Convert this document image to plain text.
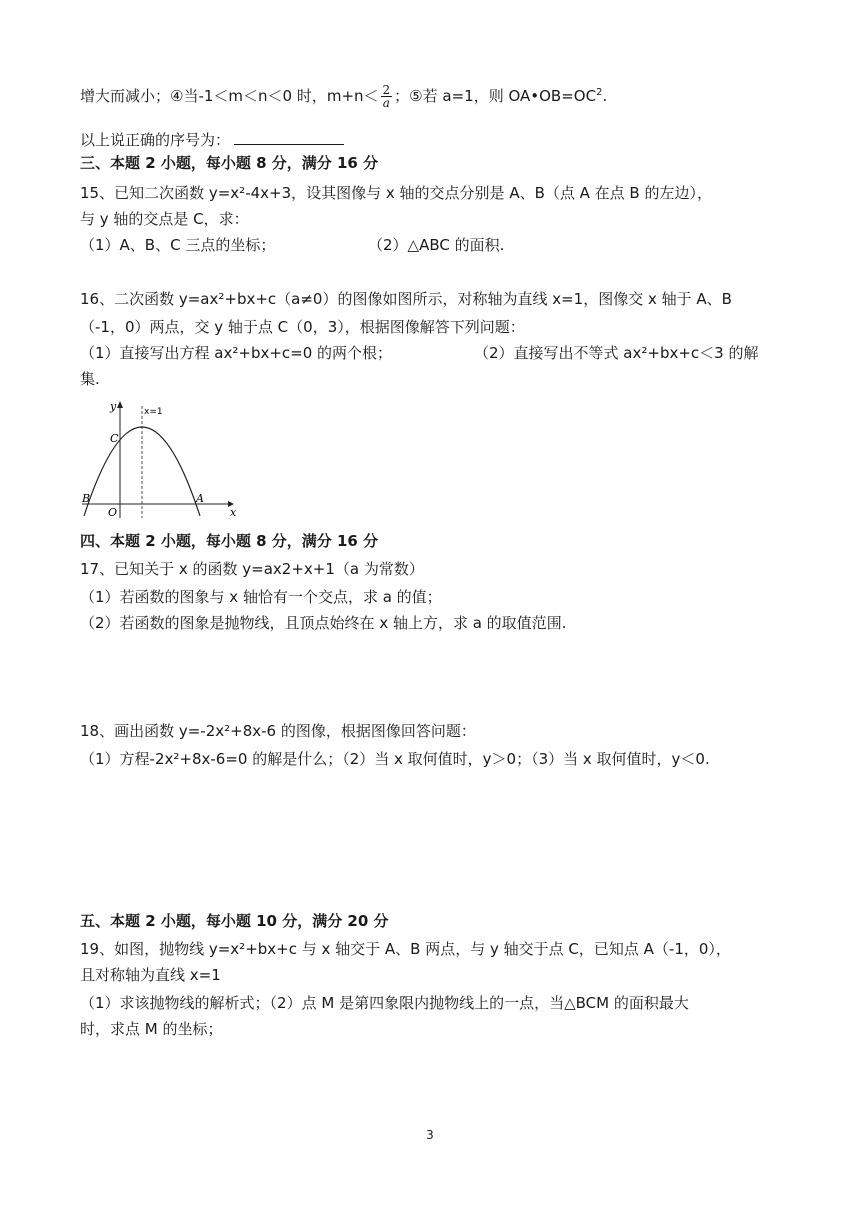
增大而减小；④当-1＜m＜n＜0 时，$m+n< \frac{2}{a}$ ；⑤若 a=1，则 $OA•OB=OC^2$.
以上说正确的序号为：
三、本题 2 小题，每小题 8 分，满分 16 分
15、已知二次函数 y=x²-4x+3，设其图像与 x 轴的交点分别是 A、B（点 A 在点 B 的左边），
与 y 轴的交点是 C，求：
（1）A、B、C 三点的坐标；	（2）△ABC 的面积.
16、二次函数 y=ax²+bx+c（a≠0）的图像如图所示，对称轴为直线 x=1，图像交 x 轴于 A、B
（-1，0）两点，交 y 轴于点 C（0，3），根据图像解答下列问题：
（1）直接写出方程 ax²+bx+c=0 的两个根；	（2）直接写出不等式 ax²+bx+c＜3 的解
集.
y
x
x=1
C
B	A
O
四、本题 2 小题，每小题 8 分，满分 16 分
17、已知关于 x 的函数 y=ax2+x+1（a 为常数）
（1）若函数的图象与 x 轴恰有一个交点，求 a 的值；
（2）若函数的图象是抛物线，且顶点始终在 x 轴上方，求 a 的取值范围.
18、画出函数 y=-2x²+8x-6 的图像，根据图像回答问题：
（1）方程-2x²+8x-6=0 的解是什么；（2）当 x 取何值时，y＞0；（3）当 x 取何值时，y＜0.
五、本题 2 小题，每小题 10 分，满分 20 分
19、如图，抛物线 y=x²+bx+c 与 x 轴交于 A、B 两点，与 y 轴交于点 C，已知点 A（-1，0），
且对称轴为直线 x=1
（1）求该抛物线的解析式；（2）点 M 是第四象限内抛物线上的一点，当△BCM 的面积最大
时，求点 M 的坐标；
3
